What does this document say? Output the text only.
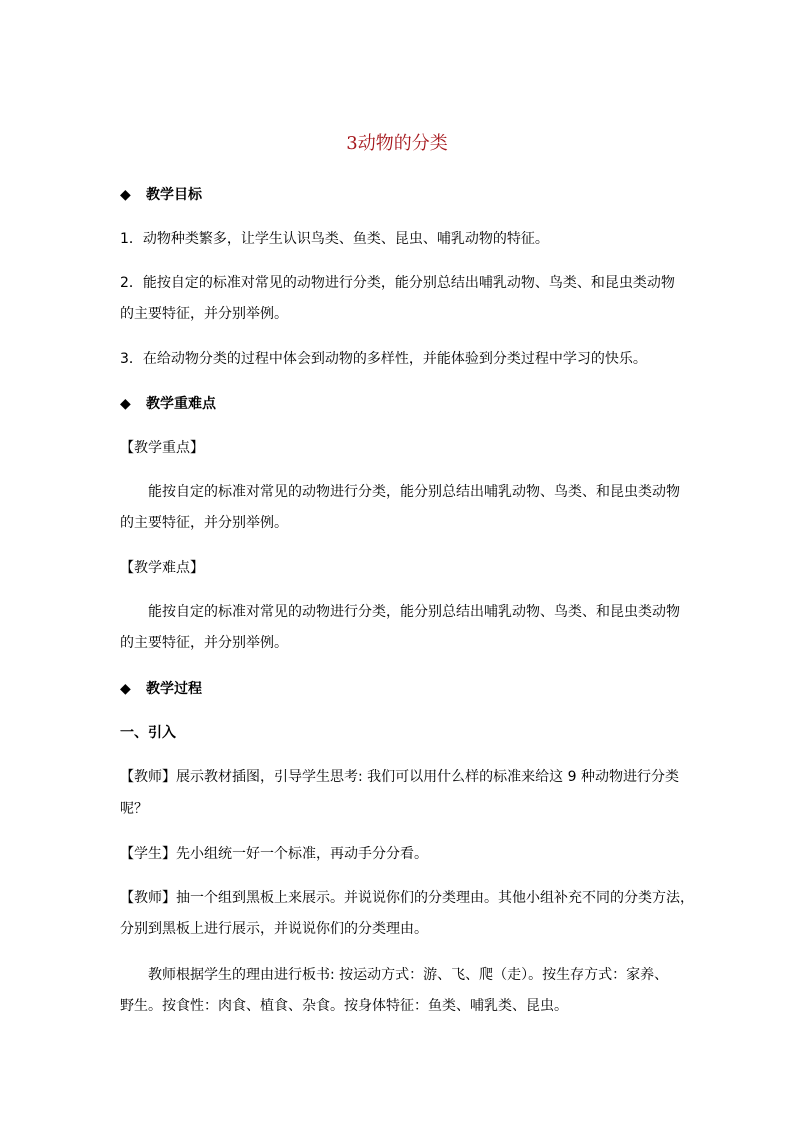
3动物的分类
◆ 教学目标
1．动物种类繁多，让学生认识鸟类、鱼类、昆虫、哺乳动物的特征。
2．能按自定的标准对常见的动物进行分类，能分别总结出哺乳动物、鸟类、和昆虫类动物
的主要特征，并分别举例。
3．在给动物分类的过程中体会到动物的多样性，并能体验到分类过程中学习的快乐。
◆ 教学重难点
【教学重点】
能按自定的标准对常见的动物进行分类，能分别总结出哺乳动物、鸟类、和昆虫类动物
的主要特征，并分别举例。
【教学难点】
能按自定的标准对常见的动物进行分类，能分别总结出哺乳动物、鸟类、和昆虫类动物
的主要特征，并分别举例。
◆ 教学过程
一、引入
【教师】展示教材插图，引导学生思考: 我们可以用什么样的标准来给这 9 种动物进行分类
呢？
【学生】先小组统一好一个标准，再动手分分看。
【教师】抽一个组到黑板上来展示。并说说你们的分类理由。其他小组补充不同的分类方法，
分别到黑板上进行展示，并说说你们的分类理由。
教师根据学生的理由进行板书: 按运动方式：游、飞、爬（走）。按生存方式：家养、
野生。按食性：肉食、植食、杂食。按身体特征：鱼类、哺乳类、昆虫。
